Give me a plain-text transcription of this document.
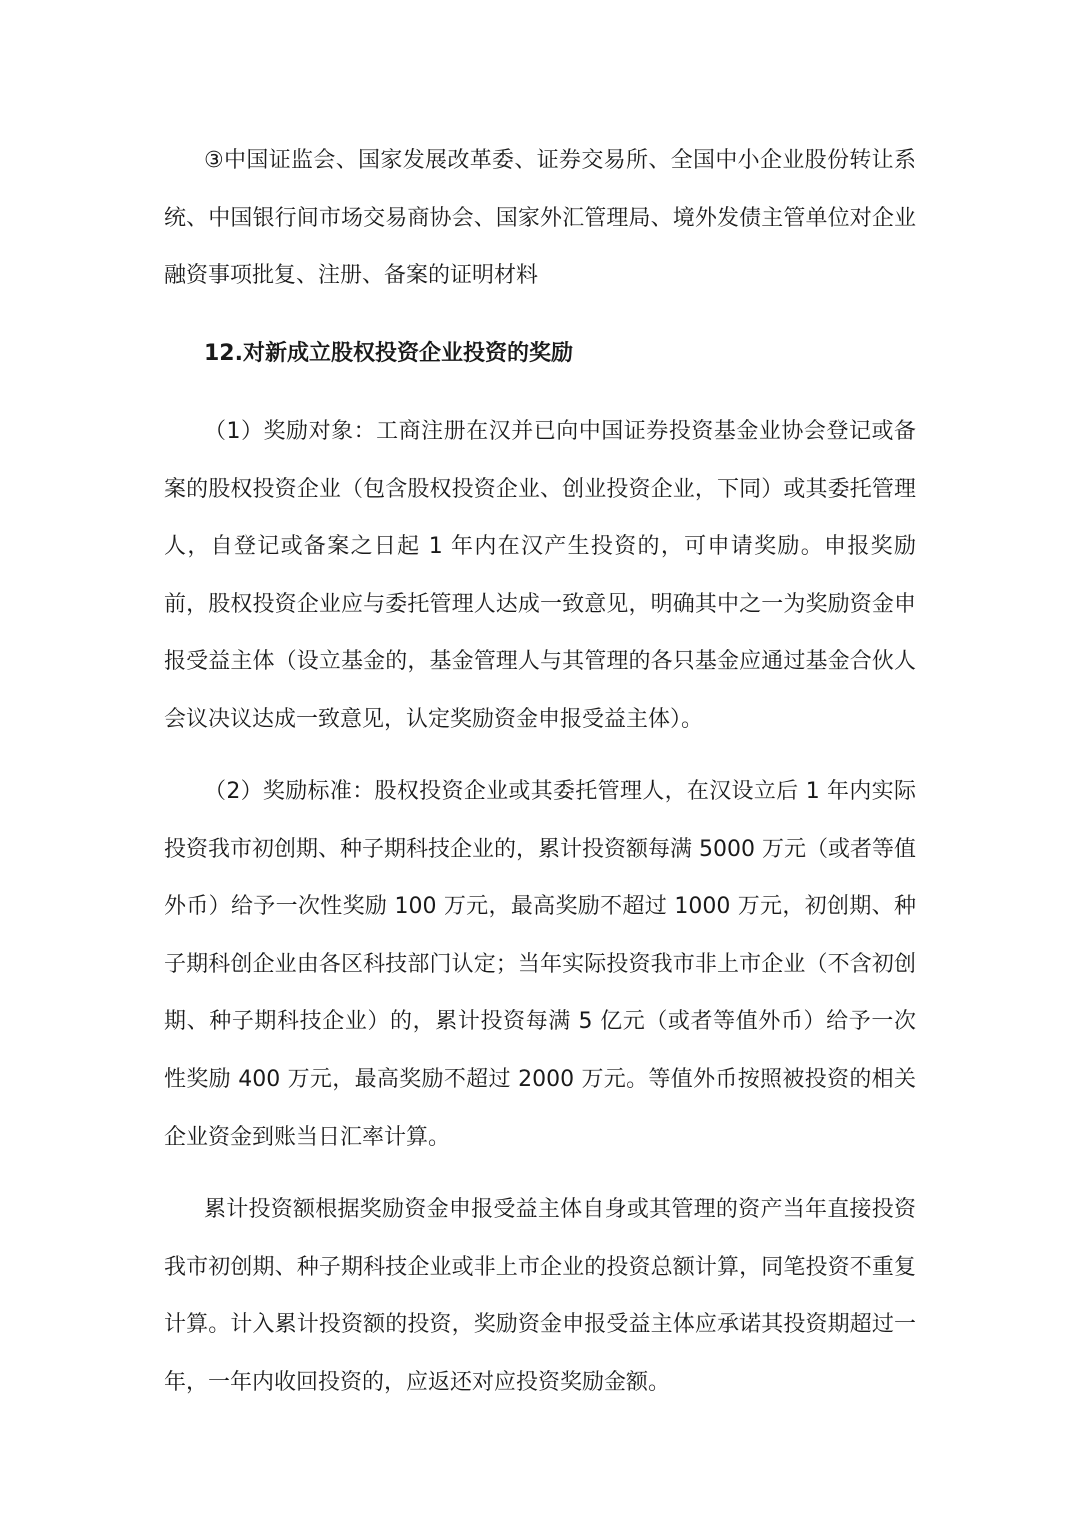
③中国证监会、国家发展改革委、证券交易所、全国中小企业股份转让系统、中国银行间市场交易商协会、国家外汇管理局、境外发债主管单位对企业融资事项批复、注册、备案的证明材料

12.对新成立股权投资企业投资的奖励

（1）奖励对象：工商注册在汉并已向中国证券投资基金业协会登记或备案的股权投资企业（包含股权投资企业、创业投资企业，下同）或其委托管理人，自登记或备案之日起 1 年内在汉产生投资的，可申请奖励。申报奖励前，股权投资企业应与委托管理人达成一致意见，明确其中之一为奖励资金申报受益主体（设立基金的，基金管理人与其管理的各只基金应通过基金合伙人会议决议达成一致意见，认定奖励资金申报受益主体）。

（2）奖励标准：股权投资企业或其委托管理人，在汉设立后 1 年内实际投资我市初创期、种子期科技企业的，累计投资额每满 5000 万元（或者等值外币）给予一次性奖励 100 万元，最高奖励不超过 1000 万元，初创期、种子期科创企业由各区科技部门认定；当年实际投资我市非上市企业（不含初创期、种子期科技企业）的，累计投资每满 5 亿元（或者等值外币）给予一次性奖励 400 万元，最高奖励不超过 2000 万元。等值外币按照被投资的相关企业资金到账当日汇率计算。

累计投资额根据奖励资金申报受益主体自身或其管理的资产当年直接投资我市初创期、种子期科技企业或非上市企业的投资总额计算，同笔投资不重复计算。计入累计投资额的投资，奖励资金申报受益主体应承诺其投资期超过一年，一年内收回投资的，应返还对应投资奖励金额。
